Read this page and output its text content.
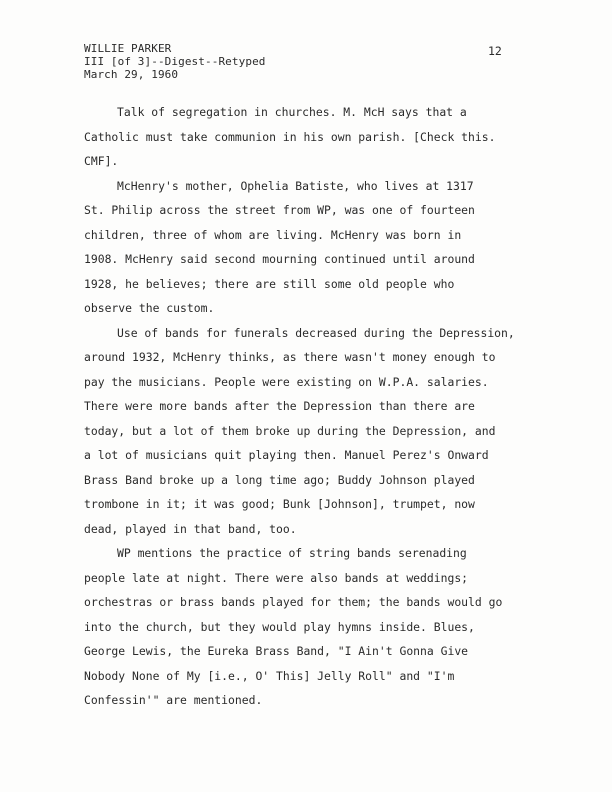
WILLIE PARKER
III [of 3]--Digest--Retyped
March 29, 1960
12
Talk of segregation in churches. M. McH says that a
Catholic must take communion in his own parish. [Check this.
CMF].
McHenry's mother, Ophelia Batiste, who lives at 1317
St. Philip across the street from WP, was one of fourteen
children, three of whom are living. McHenry was born in
1908. McHenry said second mourning continued until around
1928, he believes; there are still some old people who
observe the custom.
Use of bands for funerals decreased during the Depression,
around 1932, McHenry thinks, as there wasn't money enough to
pay the musicians. People were existing on W.P.A. salaries.
There were more bands after the Depression than there are
today, but a lot of them broke up during the Depression, and
a lot of musicians quit playing then. Manuel Perez's Onward
Brass Band broke up a long time ago; Buddy Johnson played
trombone in it; it was good; Bunk [Johnson], trumpet, now
dead, played in that band, too.
WP mentions the practice of string bands serenading
people late at night. There were also bands at weddings;
orchestras or brass bands played for them; the bands would go
into the church, but they would play hymns inside. Blues,
George Lewis, the Eureka Brass Band, "I Ain't Gonna Give
Nobody None of My [i.e., O' This] Jelly Roll" and "I'm
Confessin'" are mentioned.
